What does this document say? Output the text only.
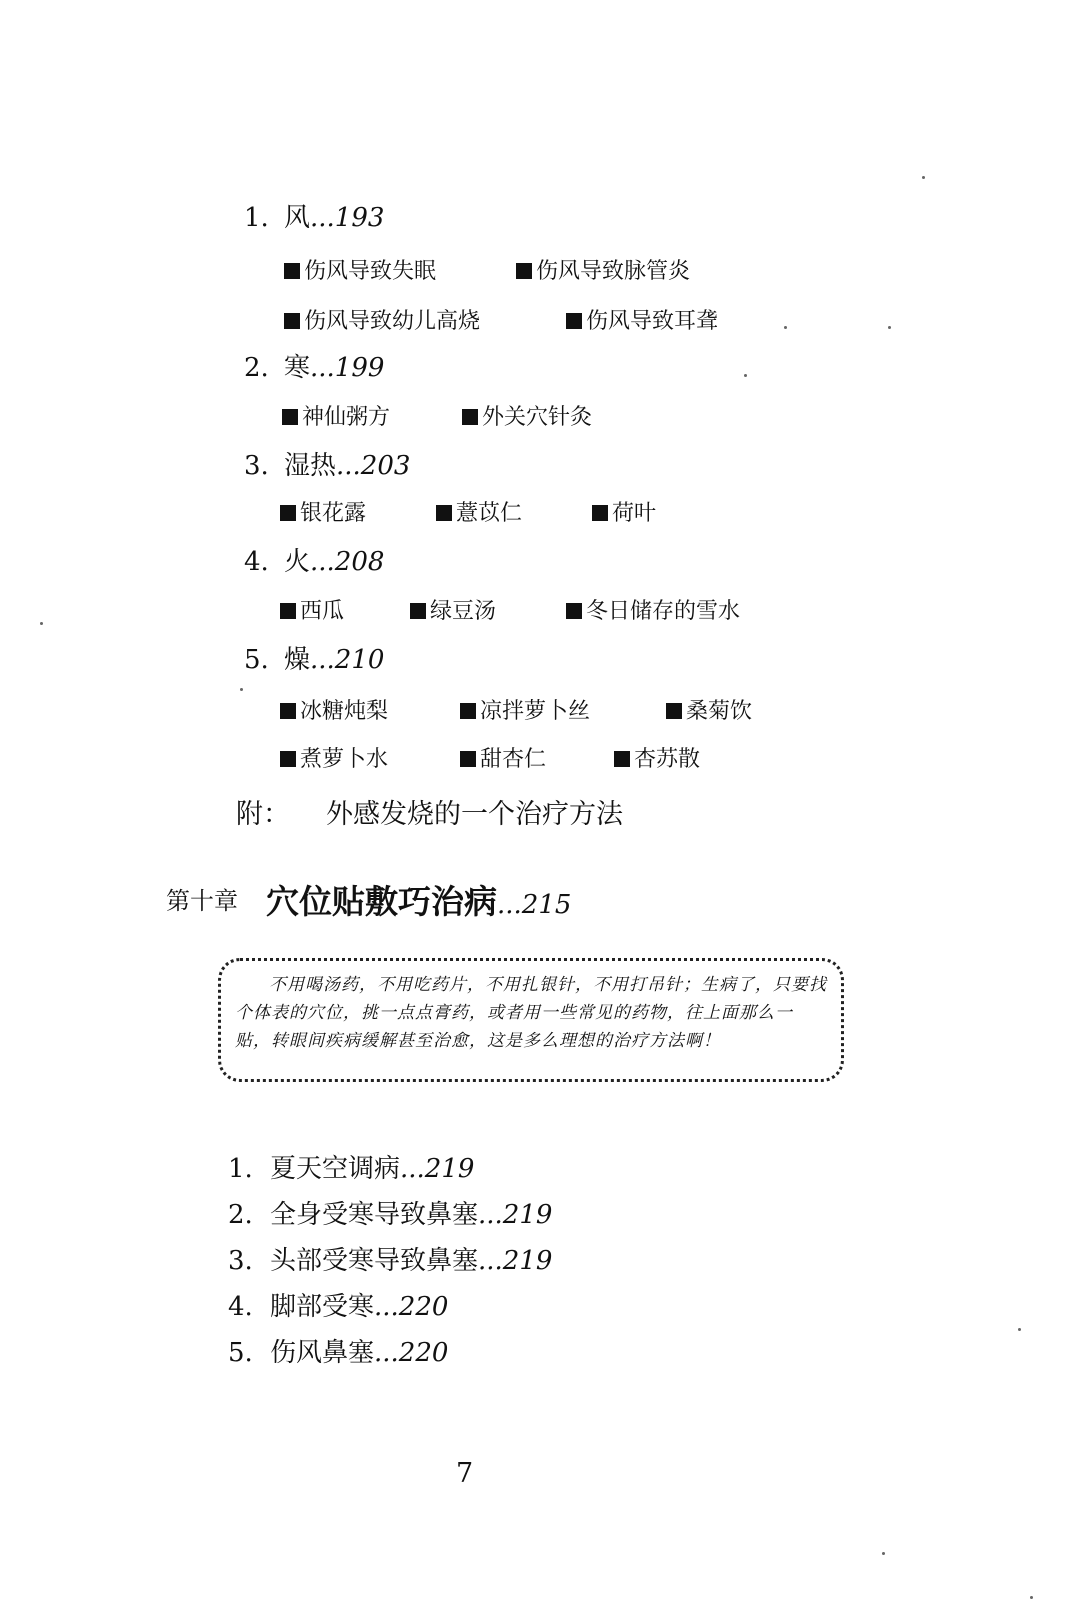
1. 风...193
伤风导致失眠	伤风导致脉管炎
伤风导致幼儿高烧	伤风导致耳聋
2. 寒...199
神仙粥方	外关穴针灸
3. 湿热...203
银花露	薏苡仁	荷叶
4. 火...208
西瓜	绿豆汤	冬日储存的雪水
5. 燥...210
冰糖炖梨	凉拌萝卜丝	桑菊饮
煮萝卜水	甜杏仁	杏苏散
附： 外感发烧的一个治疗方法
第十章 穴位贴敷巧治病...215
不用喝汤药，不用吃药片，不用扎银针，不用打吊针；生病了，只要找个体表的穴位，挑一点点膏药，或者用一些常见的药物，往上面那么一贴，转眼间疾病缓解甚至治愈，这是多么理想的治疗方法啊！
1. 夏天空调病...219
2. 全身受寒导致鼻塞...219
3. 头部受寒导致鼻塞...219
4. 脚部受寒...220
5. 伤风鼻塞...220
7
